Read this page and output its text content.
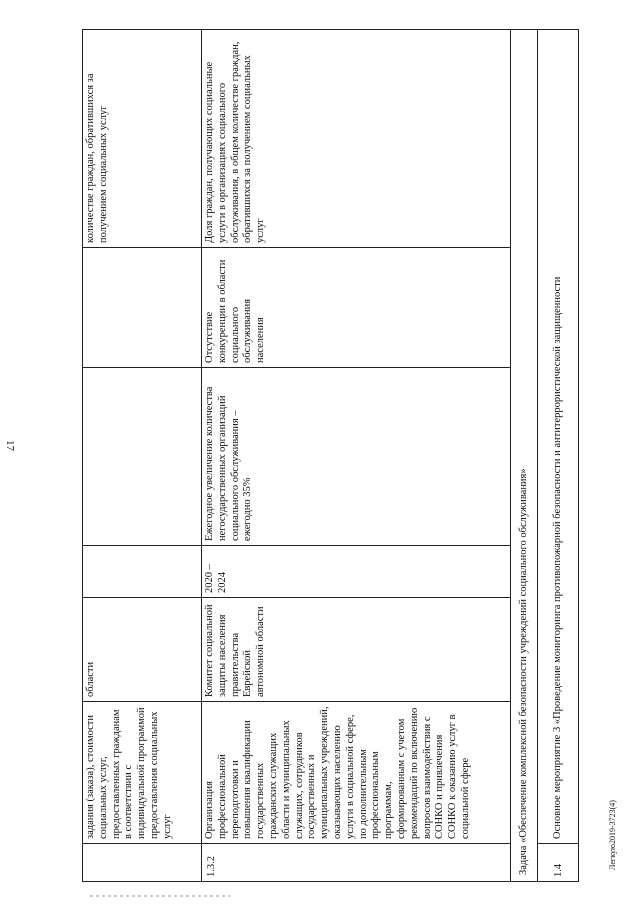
17
	задания (заказа), стоимости социальных услуг, предоставленных гражданам в соответствии с индивидуальной программой предоставления социальных услуг	области				количестве граждан, обратившихся за получением социальных услуг
1.3.2	Организация профессиональной переподготовки и повышения квалификации государственных гражданских служащих области и муниципальных служащих, сотрудников государственных и муниципальных учреждений, оказывающих населению услуги в социальной сфере, по дополнительным профессиональным программам, сформированным с учетом рекомендаций по включению вопросов взаимодействия с СОНКО и привлечения СОНКО к оказанию услуг в социальной сфере	Комитет социальной защиты населения правительства Еврейской автономной области	2020 – 2024	Ежегодное увеличение количества негосударственных организаций социального обслуживания – ежегодно 35%	Отсутствие конкуренции в области социального обслуживания населения	Доля граждан, получающих социальные услуги в организациях социального обслуживания, в общем количестве граждан, обратившихся за получением социальных услуг
Задача «Обеспечение комплексной безопасности учреждений социального обслуживания»						
1.4	Основное мероприятие 3 «Проведение мониторинга противопожарной безопасности и антитеррористической защищенности						Легкую2019-3723(4)
